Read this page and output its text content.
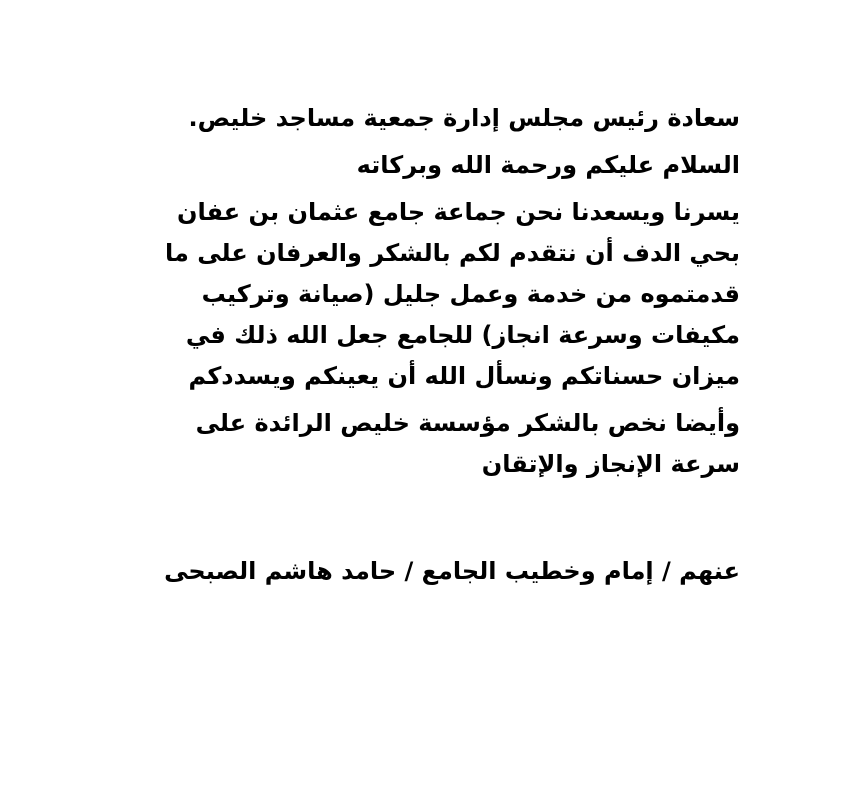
سعادة رئيس مجلس إدارة جمعية مساجد خليص.

السلام عليكم ورحمة الله وبركاته

يسرنا ويسعدنا نحن جماعة جامع عثمان بن عفان بحي الدف أن نتقدم لكم بالشكر والعرفان على ما قدمتموه من خدمة وعمل جليل (صيانة وتركيب مكيفات وسرعة انجاز) للجامع جعل الله ذلك في ميزان حسناتكم ونسأل الله أن يعينكم ويسددكم

وأيضا نخص بالشكر مؤسسة خليص الرائدة على سرعة الإنجاز والإتقان

عنهم / إمام وخطيب الجامع / حامد هاشم الصبحى
